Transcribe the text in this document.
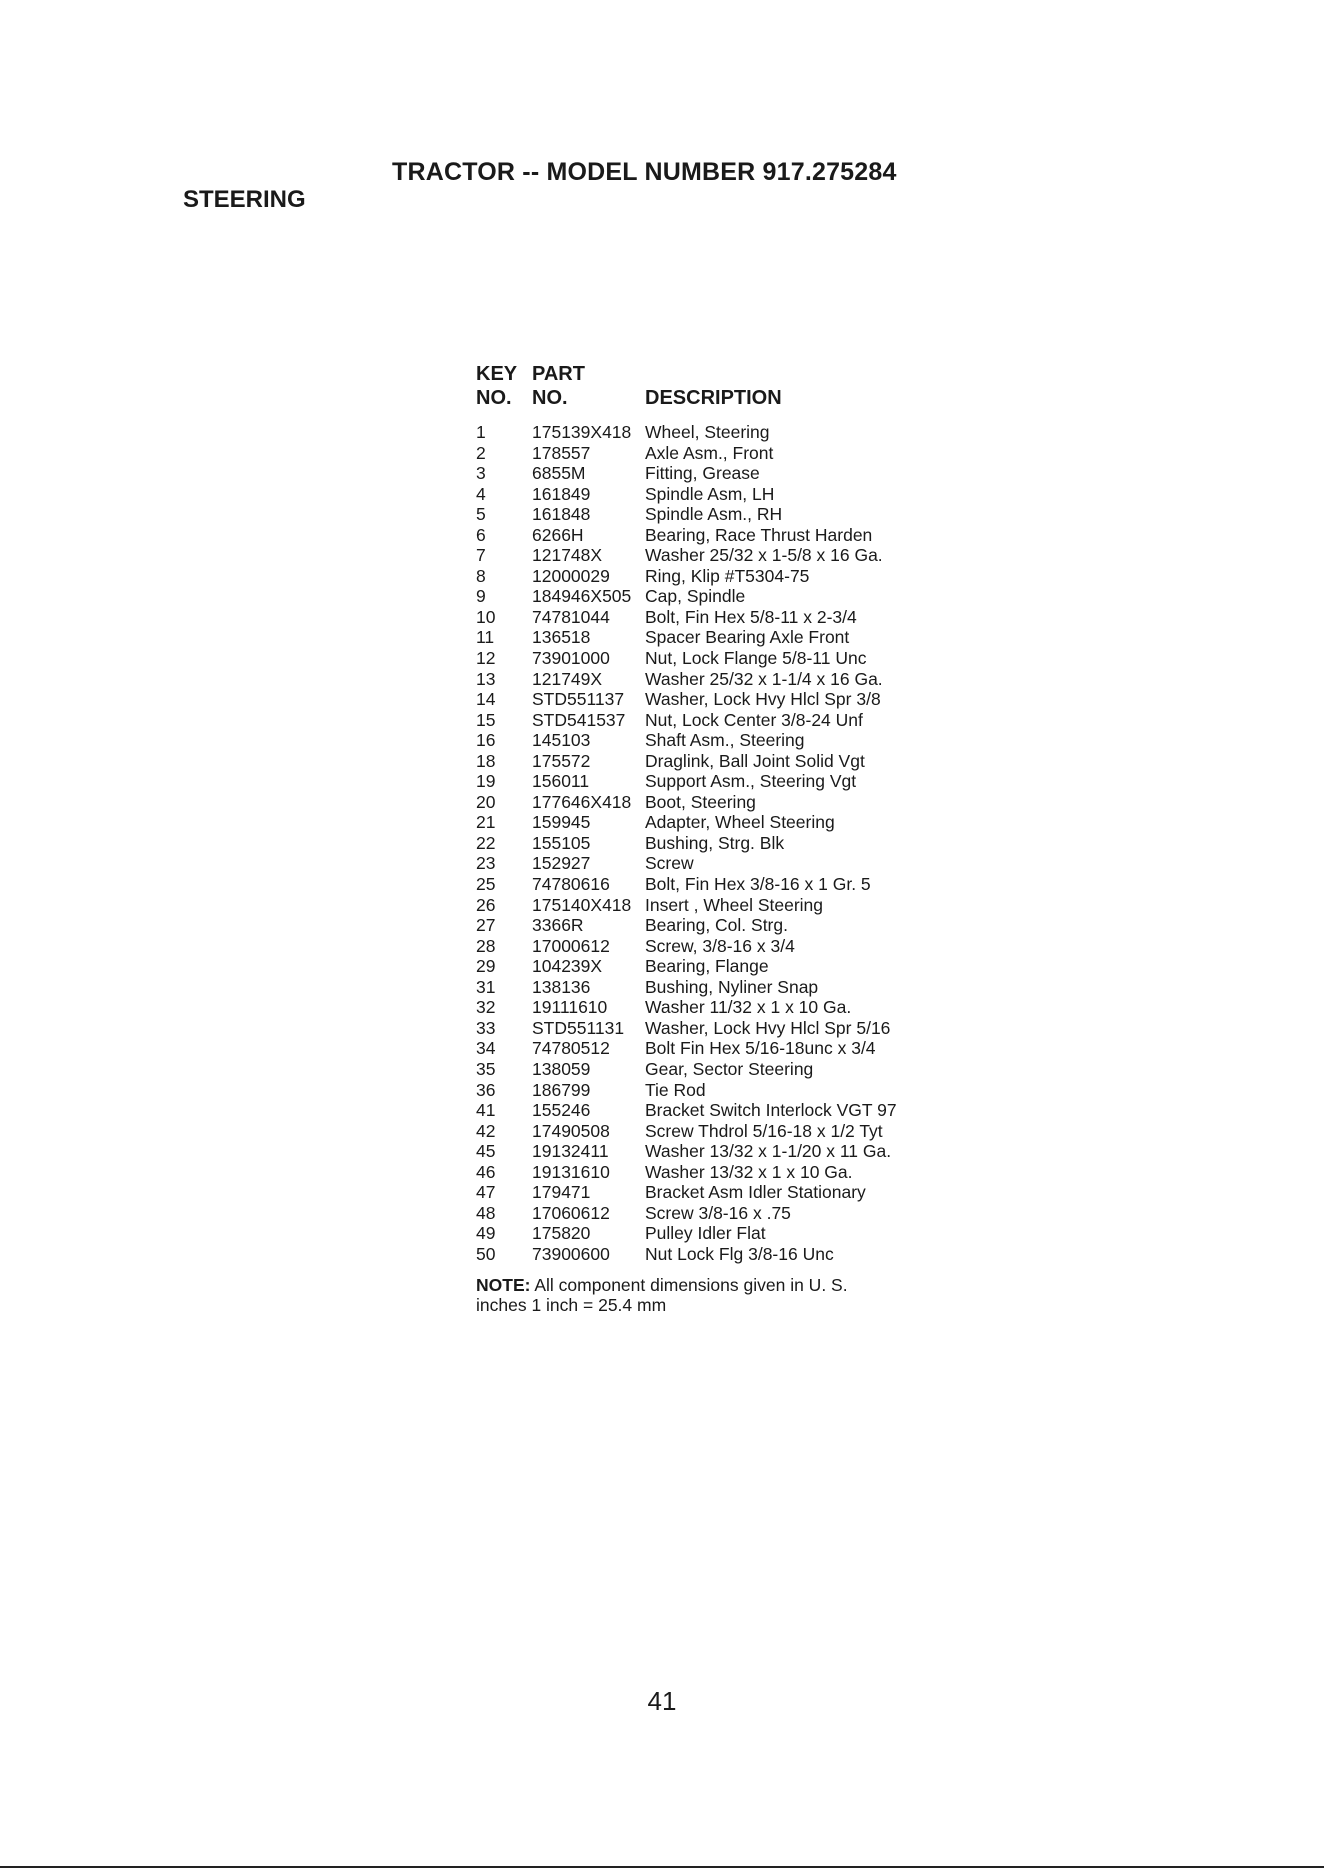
TRACTOR -- MODEL NUMBER 917.275284
STEERING
KEY
NO.
PART
NO.	DESCRIPTION
1	175139X418 Wheel, Steering
2	178557	Axle Asm., Front
3	6855M	Fitting, Grease
4	161849	Spindle Asm, LH
5	161848	Spindle Asm., RH
6	6266H	Bearing, Race Thrust Harden
7	121748X Washer 25/32 x 1-5/8 x 16 Ga.
8	12000029 Ring, Klip #T5304-75
9	184946X505 Cap, Spindle
10 74781044 Bolt, Fin Hex 5/8-11 x 2-3/4
11 136518	Spacer Bearing Axle Front
12 73901000 Nut, Lock Flange 5/8-11 Unc
13 121749X Washer 25/32 x 1-1/4 x 16 Ga.
14 STD551137 Washer, Lock Hvy Hlcl Spr 3/8
15 STD541537 Nut, Lock Center 3/8-24 Unf
16 145103	Shaft Asm., Steering
18 175572	Draglink, Ball Joint Solid Vgt
19 156011	Support Asm., Steering Vgt
20 177646X418 Boot, Steering
21 159945	Adapter, Wheel Steering
22 155105	Bushing, Strg. Blk
23 152927	Screw
25 74780616 Bolt, Fin Hex 3/8-16 x 1 Gr. 5
26 175140X418 Insert , Wheel Steering
27 3366R	Bearing, Col. Strg.
28 17000612 Screw, 3/8-16 x 3/4
29 104239X Bearing, Flange
31 138136	Bushing, Nyliner Snap
32 19111610 Washer 11/32 x 1 x 10 Ga.
33 STD551131 Washer, Lock Hvy Hlcl Spr 5/16
34 74780512 Bolt Fin Hex 5/16-18unc x 3/4
35 138059	Gear, Sector Steering
36 186799	Tie Rod
41 155246	Bracket Switch Interlock VGT 97
42 17490508 Screw Thdrol 5/16-18 x 1/2 Tyt
45 19132411 Washer 13/32 x 1-1/20 x 11 Ga.
46 19131610 Washer 13/32 x 1 x 10 Ga.
47 179471	Bracket Asm Idler Stationary
48 17060612 Screw 3/8-16 x .75
49 175820	Pulley Idler Flat
50 73900600 Nut Lock Flg 3/8-16 Unc
NOTE: All component dimensions given in U. S.
inches 1 inch = 25.4 mm
41
